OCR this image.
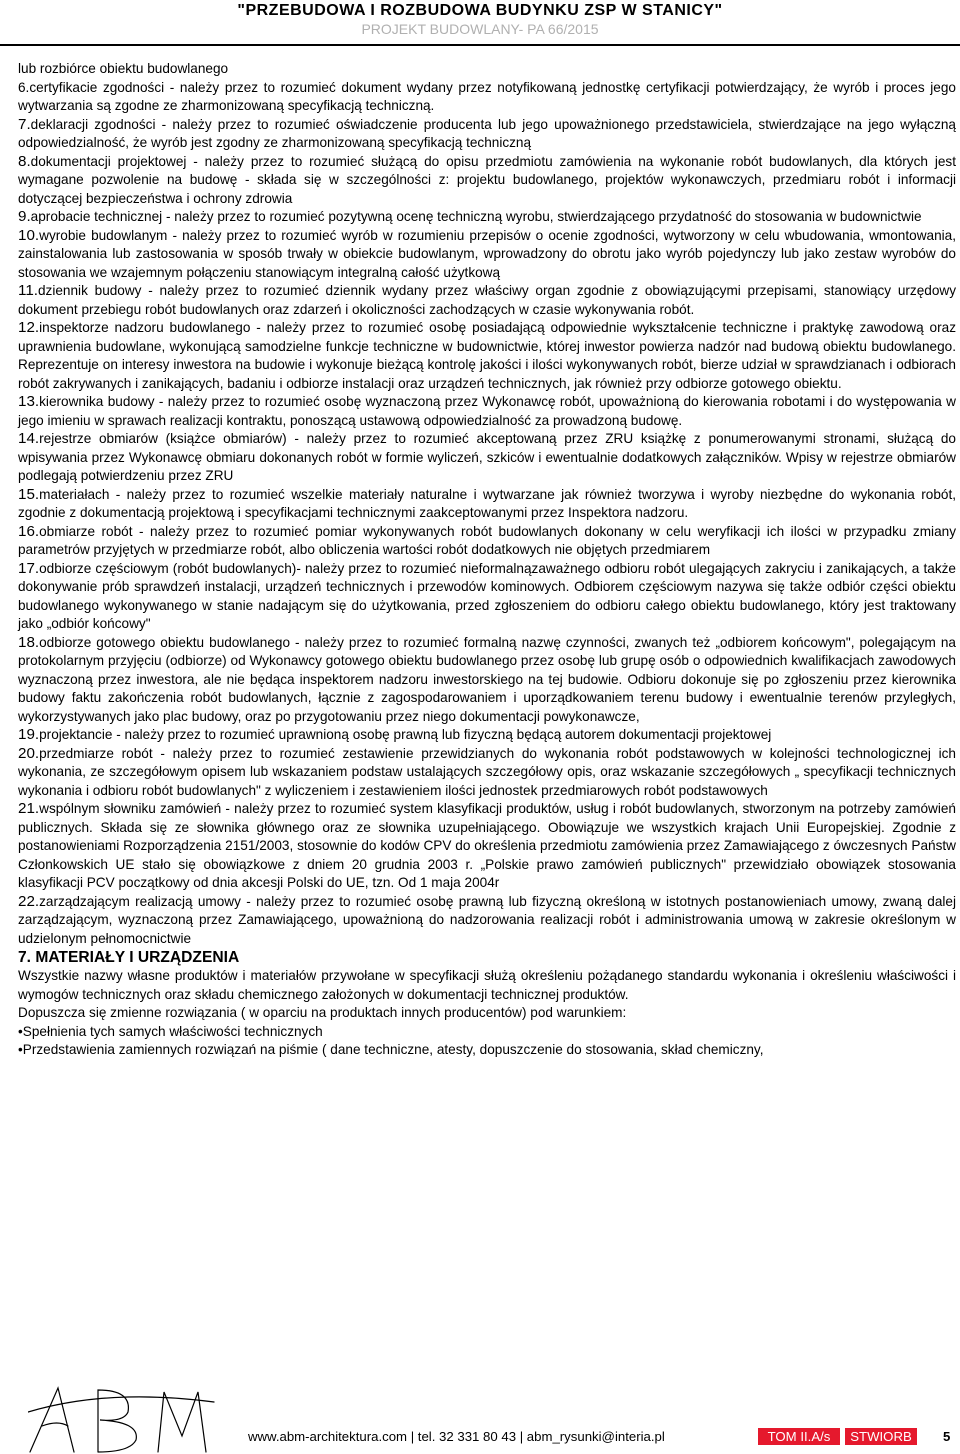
"PRZEBUDOWA I ROZBUDOWA BUDYNKU ZSP W STANICY"
PROJEKT BUDOWLANY- PA 66/2015

lub rozbiórce obiektu budowlanego

6.certyfikacie zgodności - należy przez to rozumieć dokument wydany przez notyfikowaną jednostkę certyfikacji potwierdzający, że wyrób i proces jego wytwarzania są zgodne ze zharmonizowaną specyfikacją techniczną.

7.deklaracji zgodności - należy przez to rozumieć oświadczenie producenta lub jego upoważnionego przedstawiciela, stwierdzające na jego wyłączną odpowiedzialność, że wyrób jest zgodny ze zharmonizowaną specyfikacją techniczną

8.dokumentacji projektowej - należy przez to rozumieć służącą do opisu przedmiotu zamówienia na wykonanie robót budowlanych, dla których jest wymagane pozwolenie na budowę - składa się w szczególności z: projektu budowlanego, projektów wykonawczych, przedmiaru robót i informacji dotyczącej bezpieczeństwa i ochrony zdrowia

9.aprobacie technicznej - należy przez to rozumieć pozytywną ocenę techniczną wyrobu, stwierdzającego przydatność do stosowania w budownictwie

10.wyrobie budowlanym - należy przez to rozumieć wyrób w rozumieniu przepisów o ocenie zgodności, wytworzony w celu wbudowania, wmontowania, zainstalowania lub zastosowania w sposób trwały w obiekcie budowlanym, wprowadzony do obrotu jako wyrób pojedynczy lub jako zestaw wyrobów do stosowania we wzajemnym połączeniu stanowiącym integralną całość użytkową

11.dziennik budowy - należy przez to rozumieć dziennik wydany przez właściwy organ zgodnie z obowiązującymi przepisami, stanowiący urzędowy dokument przebiegu robót budowlanych oraz zdarzeń i okoliczności zachodzących w czasie wykonywania robót.

12.inspektorze nadzoru budowlanego - należy przez to rozumieć osobę posiadającą odpowiednie wykształcenie techniczne i praktykę zawodową oraz uprawnienia budowlane, wykonującą samodzielne funkcje techniczne w budownictwie, której inwestor powierza nadzór nad budową obiektu budowlanego. Reprezentuje on interesy inwestora na budowie i wykonuje bieżącą kontrolę jakości i ilości wykonywanych robót, bierze udział w sprawdzianach i odbiorach robót zakrywanych i zanikających, badaniu i odbiorze instalacji oraz urządzeń technicznych, jak również przy odbiorze gotowego obiektu.

13.kierownika budowy - należy przez to rozumieć osobę wyznaczoną przez Wykonawcę robót, upoważnioną do kierowania robotami i do występowania w jego imieniu w sprawach realizacji kontraktu, ponoszącą ustawową odpowiedzialność za prowadzoną budowę.

14.rejestrze obmiarów (książce obmiarów) - należy przez to rozumieć akceptowaną przez ZRU książkę z ponumerowanymi stronami, służącą do wpisywania przez Wykonawcę obmiaru dokonanych robót w formie wyliczeń, szkiców i ewentualnie dodatkowych załączników. Wpisy w rejestrze obmiarów podlegają potwierdzeniu przez ZRU

15.materiałach - należy przez to rozumieć wszelkie materiały naturalne i wytwarzane jak również tworzywa i wyroby niezbędne do wykonania robót, zgodnie z dokumentacją projektową i specyfikacjami technicznymi zaakceptowanymi przez Inspektora nadzoru.

16.obmiarze robót - należy przez to rozumieć pomiar wykonywanych robót budowlanych dokonany w celu weryfikacji ich ilości w przypadku zmiany parametrów przyjętych w przedmiarze robót, albo obliczenia wartości robót dodatkowych nie objętych przedmiarem

17.odbiorze częściowym (robót budowlanych)- należy przez to rozumieć nieformalnązaważnego odbioru robót ulegających zakryciu i zanikających, a także dokonywanie prób sprawdzeń instalacji, urządzeń technicznych i przewodów kominowych. Odbiorem częściowym nazywa się także odbiór części obiektu budowlanego wykonywanego w stanie nadającym się do użytkowania, przed zgłoszeniem do odbioru całego obiektu budowlanego, który jest traktowany jako „odbiór końcowy"

18.odbiorze gotowego obiektu budowlanego - należy przez to rozumieć formalną nazwę czynności, zwanych też „odbiorem końcowym", polegającym na protokolarnym przyjęciu (odbiorze) od Wykonawcy gotowego obiektu budowlanego przez osobę lub grupę osób o odpowiednich kwalifikacjach zawodowych wyznaczoną przez inwestora, ale nie będąca inspektorem nadzoru inwestorskiego na tej budowie. Odbioru dokonuje się po zgłoszeniu przez kierownika budowy faktu zakończenia robót budowlanych, łącznie z zagospodarowaniem i uporządkowaniem terenu budowy i ewentualnie terenów przyległych, wykorzystywanych jako plac budowy, oraz po przygotowaniu przez niego dokumentacji powykonawcze,

19.projektancie - należy przez to rozumieć uprawnioną osobę prawną lub fizyczną będącą autorem dokumentacji projektowej

20.przedmiarze robót - należy przez to rozumieć zestawienie przewidzianych do wykonania robót podstawowych w kolejności technologicznej ich wykonania, ze szczegółowym opisem lub wskazaniem podstaw ustalających szczegółowy opis, oraz wskazanie szczegółowych „ specyfikacji technicznych wykonania i odbioru robót budowlanych" z wyliczeniem i zestawieniem ilości jednostek przedmiarowych robót podstawowych

21.wspólnym słowniku zamówień - należy przez to rozumieć system klasyfikacji produktów, usług i robót budowlanych, stworzonym na potrzeby zamówień publicznych. Składa się ze słownika głównego oraz ze słownika uzupełniającego. Obowiązuje we wszystkich krajach Unii Europejskiej. Zgodnie z postanowieniami Rozporządzenia 2151/2003, stosownie do kodów CPV do określenia przedmiotu zamówienia przez Zamawiającego z ówczesnych Państw Członkowskich UE stało się obowiązkowe z dniem 20 grudnia 2003 r. „Polskie prawo zamówień publicznych" przewidziało obowiązek stosowania klasyfikacji PCV początkowy od dnia akcesji Polski do UE, tzn. Od 1 maja 2004r

22.zarządzającym realizacją umowy - należy przez to rozumieć osobę prawną lub fizyczną określoną w istotnych postanowieniach umowy, zwaną dalej zarządzającym, wyznaczoną przez Zamawiającego, upoważnioną do nadzorowania realizacji robót i administrowania umową w zakresie określonym w udzielonym pełnomocnictwie

7. MATERIAŁY I URZĄDZENIA

Wszystkie nazwy własne produktów i materiałów przywołane w specyfikacji służą określeniu pożądanego standardu wykonania i określeniu właściwości i wymogów technicznych oraz składu chemicznego założonych w dokumentacji technicznej produktów.

Dopuszcza się zmienne rozwiązania ( w oparciu na produktach innych producentów) pod warunkiem:

• Spełnienia tych samych właściwości technicznych

• Przedstawienia zamiennych rozwiązań na piśmie ( dane techniczne, atesty, dopuszczenie do stosowania, skład chemiczny,

www.abm-architektura.com | tel. 32 331 80 43 | abm_rysunki@interia.pl	TOM II.A/s	STWIORB	5
